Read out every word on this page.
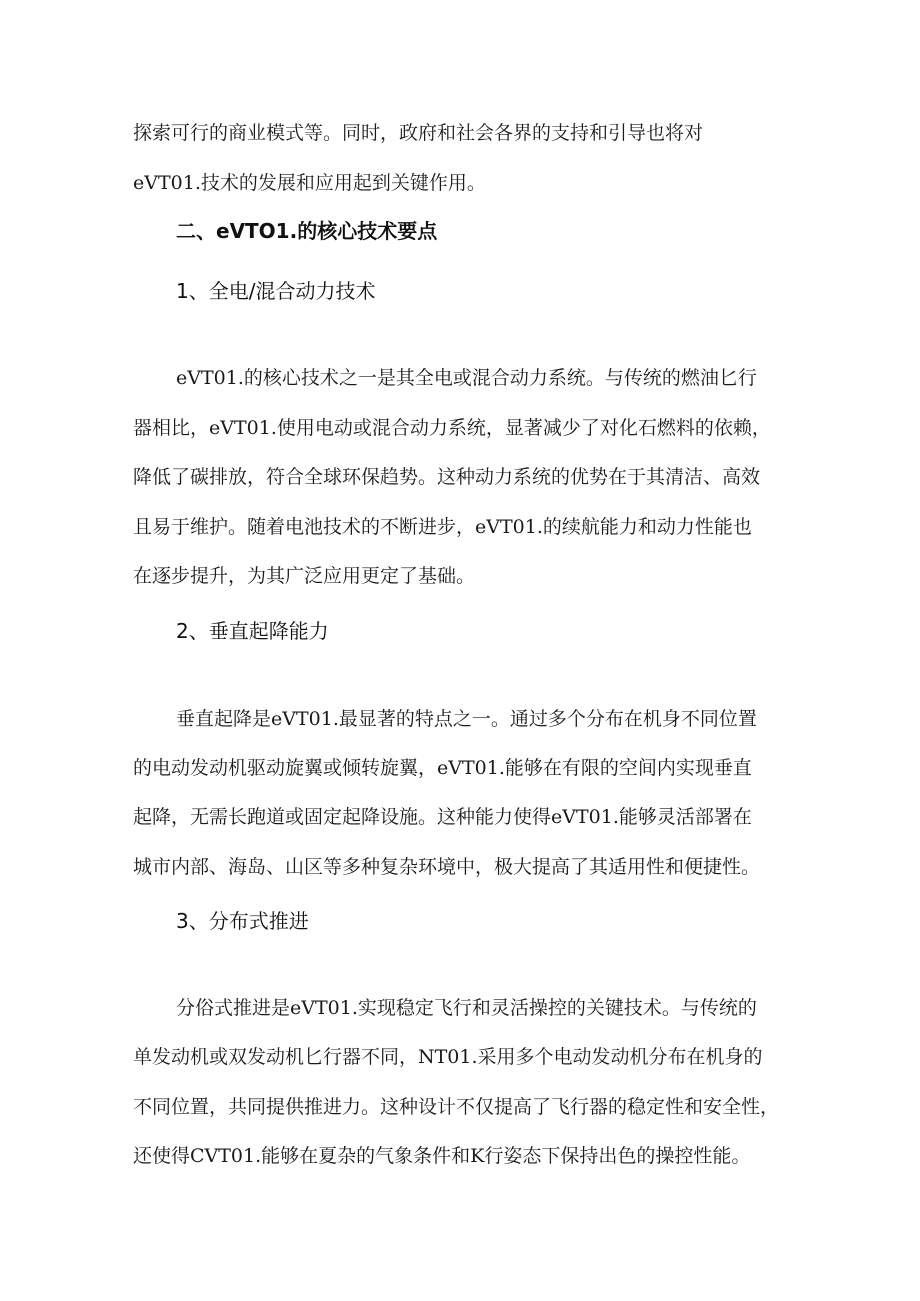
探索可行的商业模式等。同时，政府和社会各界的支持和引导也将对
eVT01.技术的发展和应用起到关键作用。
二、eVTO1.的核心技术要点
1、全电/混合动力技术
eVT01.的核心技术之一是其全电或混合动力系统。与传统的燃油匕行
器相比，eVT01.使用电动或混合动力系统，显著减少了对化石燃料的依赖，
降低了碳排放，符合全球环保趋势。这种动力系统的优势在于其清洁、高效
且易于维护。随着电池技术的不断进步，eVT01.的续航能力和动力性能也
在逐步提升，为其广泛应用更定了基础。
2、垂直起降能力
垂直起降是eVT01.最显著的特点之一。通过多个分布在机身不同位置
的电动发动机驱动旋翼或倾转旋翼，eVT01.能够在有限的空间内实现垂直
起降，无需长跑道或固定起降设施。这种能力使得eVT01.能够灵活部署在
城市内部、海岛、山区等多种复杂环境中，极大提高了其适用性和便捷性。
3、分布式推进
分俗式推进是eVT01.实现稳定飞行和灵活操控的关键技术。与传统的
单发动机或双发动机匕行器不同，NT01.采用多个电动发动机分布在机身的
不同位置，共同提供推进力。这种设计不仅提高了飞行器的稳定性和安全性，
还使得CVT01.能够在夏杂的气象条件和K行姿态下保持出色的操控性能。
